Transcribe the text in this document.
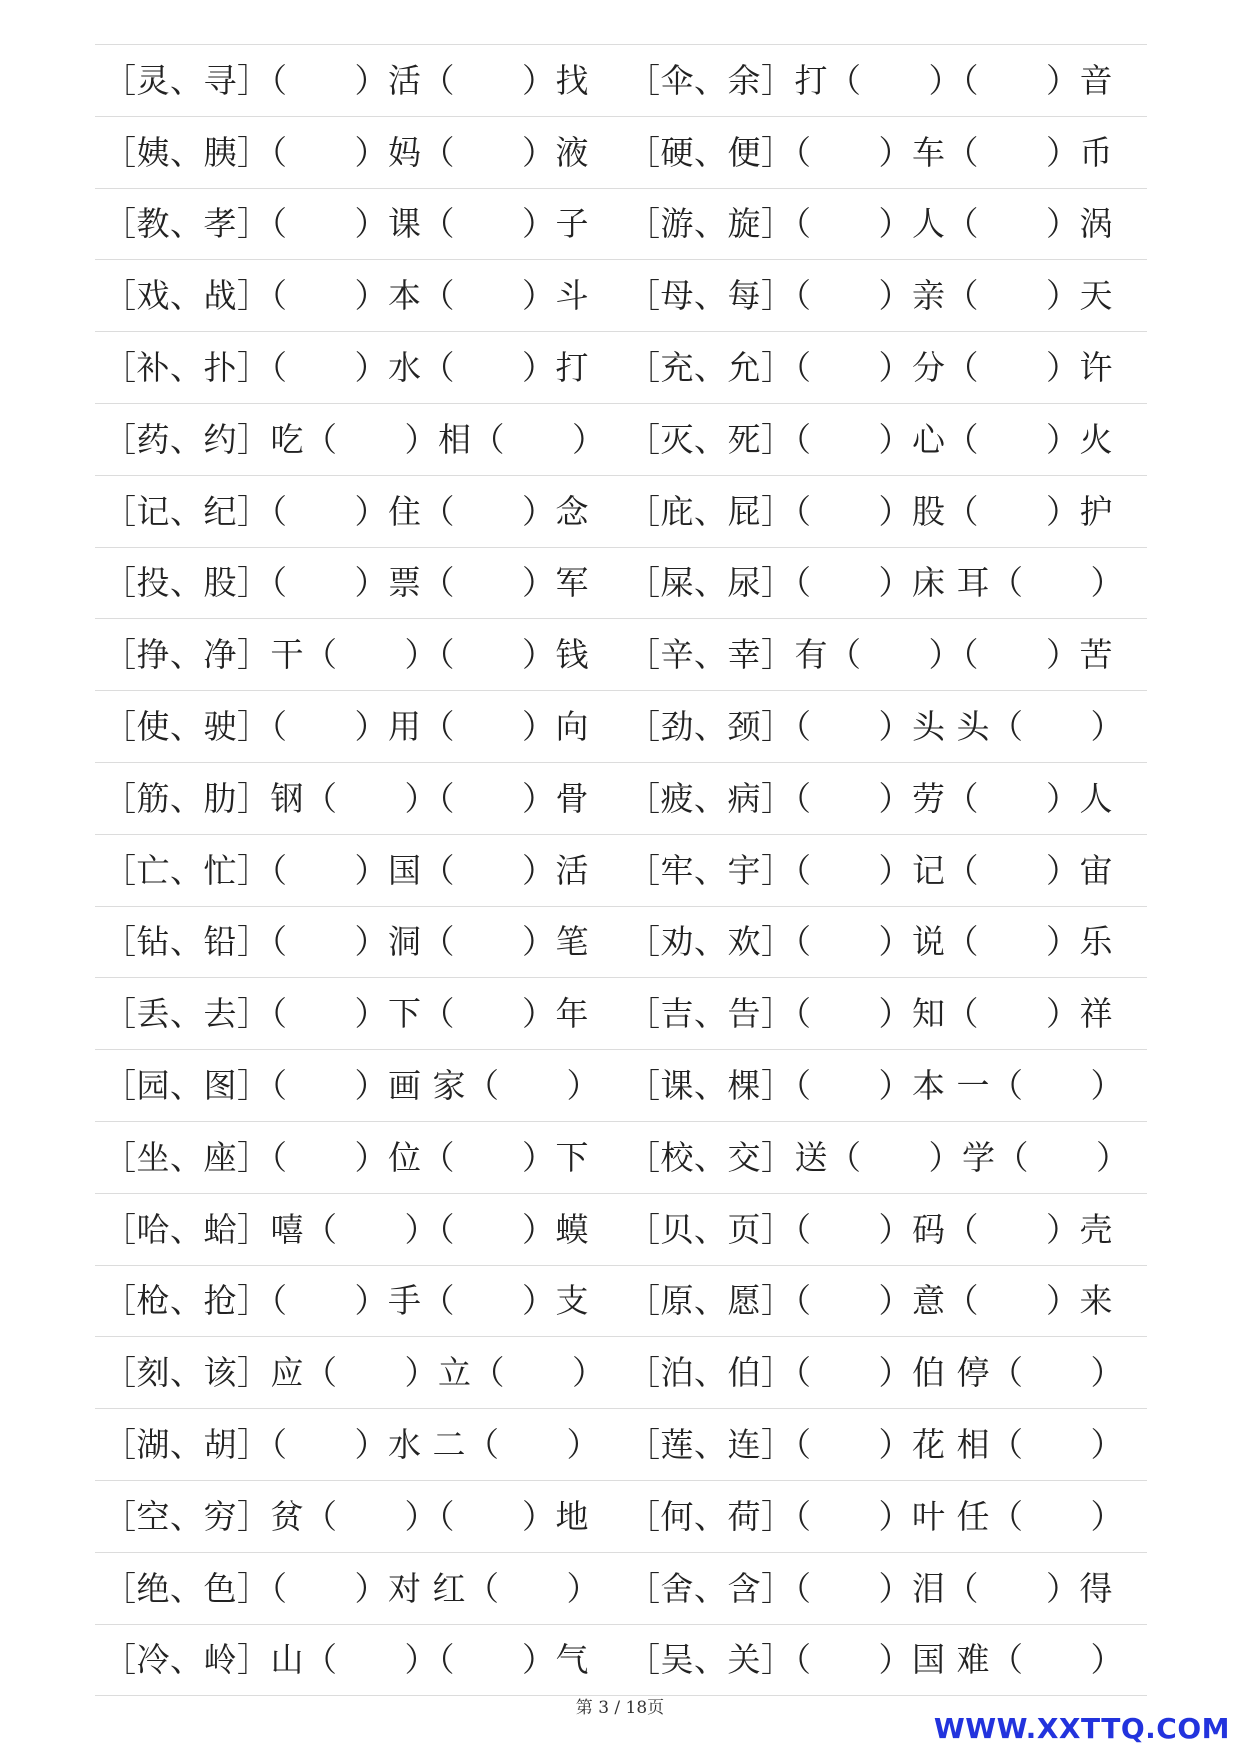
［灵、寻］（　　）活（　　）找 ［伞、余］打（　　）（　　）音
［姨、胰］（　　）妈（　　）液 ［硬、便］（　　）车（　　）币
［教、孝］（　　）课（　　）子 ［游、旋］（　　）人（　　）涡
［戏、战］（　　）本（　　）斗 ［母、每］（　　）亲（　　）天
［补、扑］（　　）水（　　）打 ［充、允］（　　）分（　　）许
［药、约］吃（　　）相（　　） ［灭、死］（　　）心（　　）火
［记、纪］（　　）住（　　）念 ［庇、屁］（　　）股（　　）护
［投、股］（　　）票（　　）军 ［屎、尿］（　　）床 耳（　　）
［挣、净］干（　　）（　　）钱 ［辛、幸］有（　　）（　　）苦
［使、驶］（　　）用（　　）向 ［劲、颈］（　　）头 头（　　）
［筋、肋］钢（　　）（　　）骨 ［疲、病］（　　）劳（　　）人
［亡、忙］（　　）国（　　）活 ［牢、宇］（　　）记（　　）宙
［钻、铅］（　　）洞（　　）笔 ［劝、欢］（　　）说（　　）乐
［丢、去］（　　）下（　　）年 ［吉、告］（　　）知（　　）祥
［园、图］（　　）画 家（　　） ［课、棵］（　　）本 一（　　）
［坐、座］（　　）位（　　）下 ［校、交］送（　　）学（　　）
［哈、蛤］嘻（　　）（　　）蟆 ［贝、页］（　　）码（　　）壳
［枪、抢］（　　）手（　　）支 ［原、愿］（　　）意（　　）来
［刻、该］应（　　）立（　　） ［泊、伯］（　　）伯 停（　　）
［湖、胡］（　　）水 二（　　） ［莲、连］（　　）花 相（　　）
［空、穷］贫（　　）（　　）地 ［何、荷］（　　）叶 任（　　）
［绝、色］（　　）对 红（　　） ［舍、含］（　　）泪（　　）得
［冷、岭］山（　　）（　　）气 ［吴、关］（　　）国 难（　　）
第 3 / 18页
WWW.XXTTQ.COM
